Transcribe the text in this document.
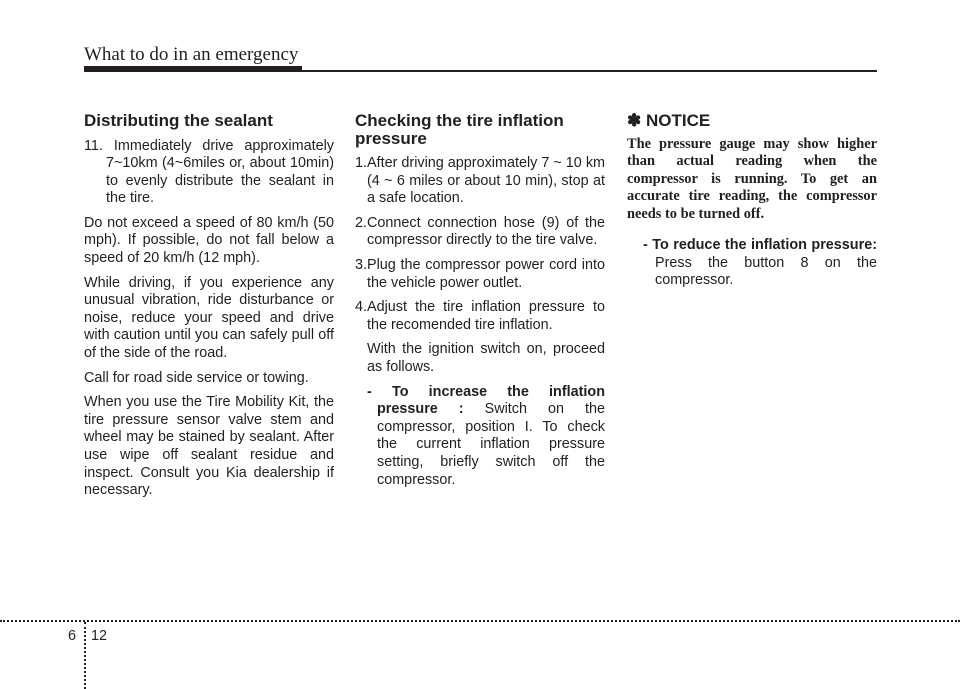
What to do in an emergency
Distributing the sealant

11. Immediately drive approximately 7~10km (4~6miles or, about 10min) to evenly distribute the sealant in the tire.

Do not exceed a speed of 80 km/h (50 mph). If possible, do not fall below a speed of 20 km/h (12 mph).

While driving, if you experience any unusual vibration, ride disturbance or noise, reduce your speed and drive with caution until you can safely pull off of the side of the road.

Call for road side service or towing.

When you use the Tire Mobility Kit, the tire pressure sensor valve stem and wheel may be stained by sealant. After use wipe off sealant residue and inspect. Consult you Kia dealership if necessary.

Checking the tire inflation pressure

1.After driving approximately 7 ~ 10 km (4 ~ 6 miles or about 10 min), stop at a safe location.

2.Connect connection hose (9) of the compressor directly to the tire valve.

3.Plug the compressor power cord into the vehicle power outlet.

4.Adjust the tire inflation pressure to the recomended tire inflation.

With the ignition switch on, proceed as follows.

- To increase the inflation pressure : Switch on the compressor, position I. To check the current inflation pressure setting, briefly switch off the compressor.

✽ NOTICE

The pressure gauge may show higher than actual reading when the compressor is running. To get an accurate tire reading, the compressor needs to be turned off.

- To reduce the inflation pressure: Press the button 8 on the compressor.

6 12
